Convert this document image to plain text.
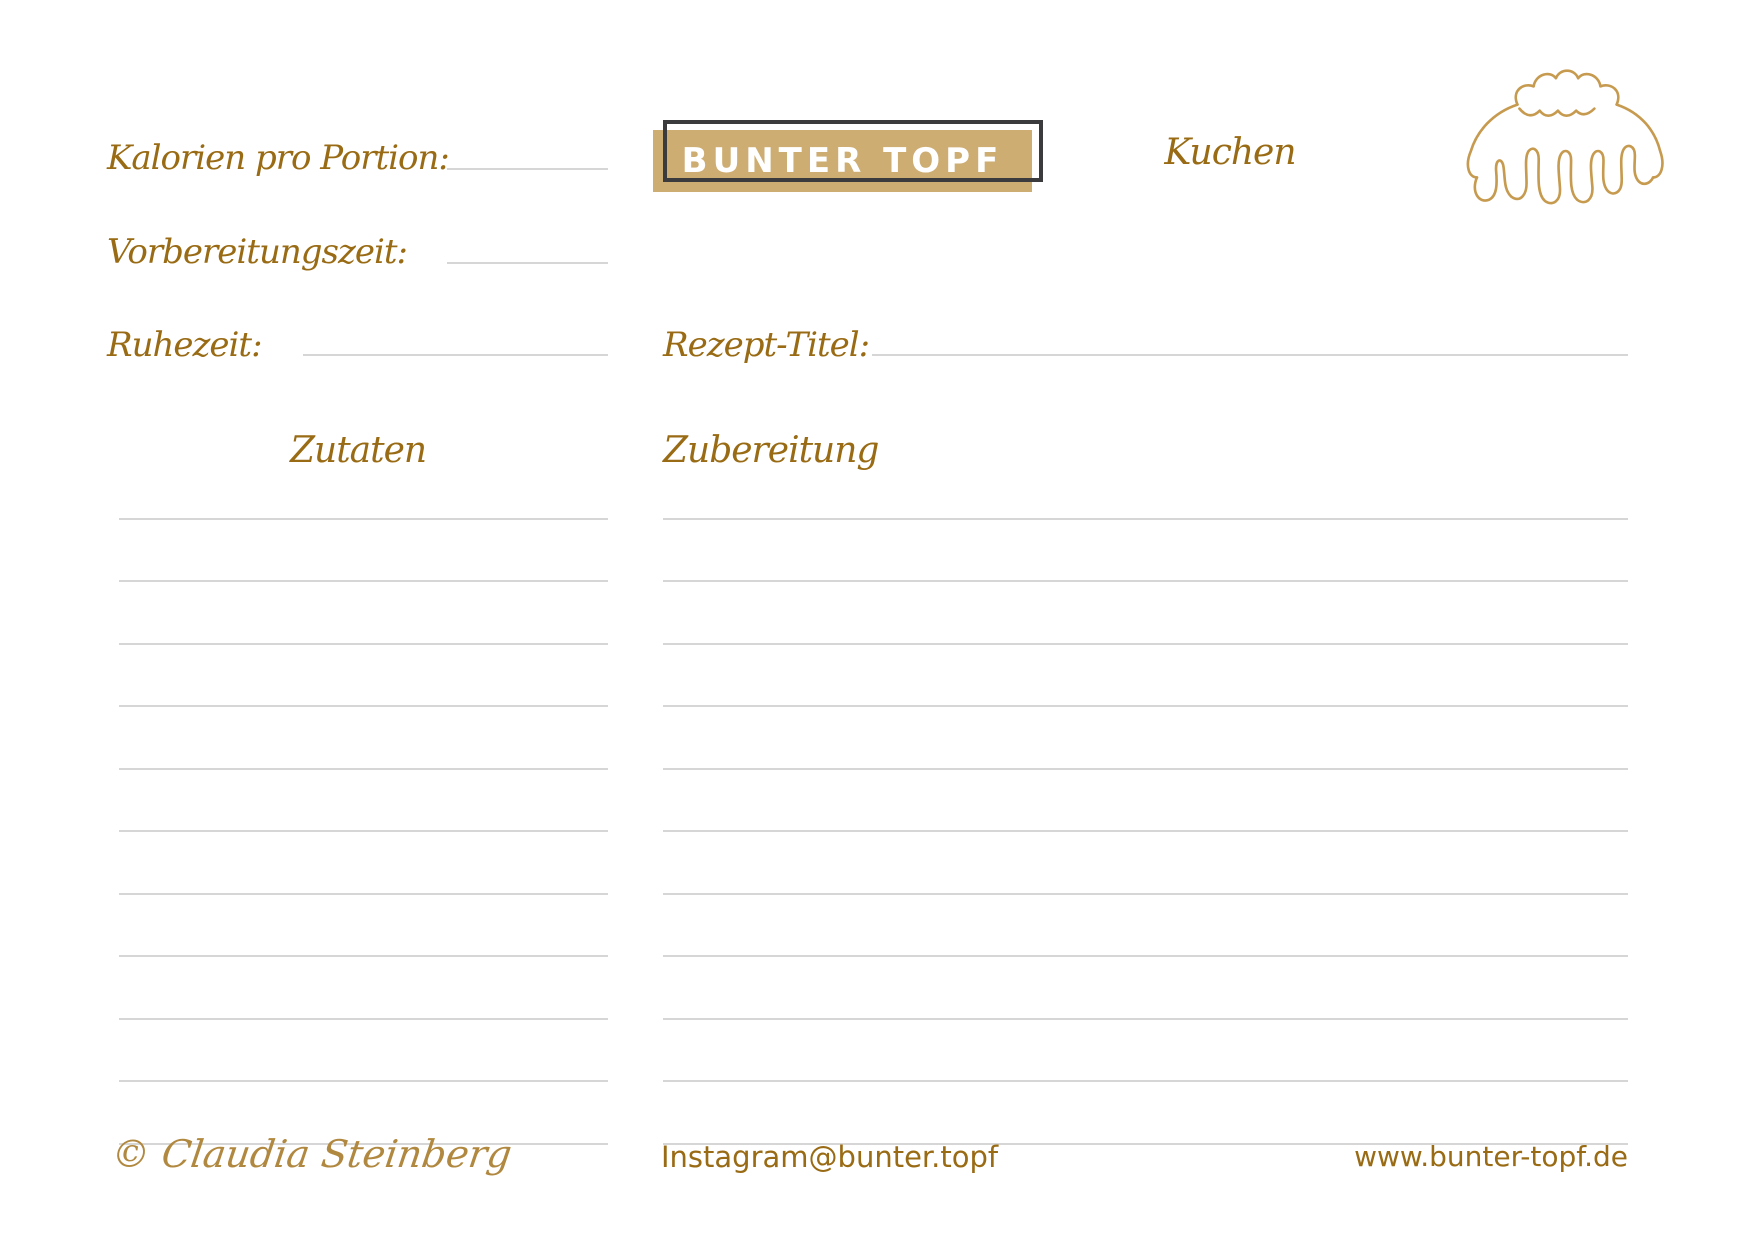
Kalorien pro Portion:
Vorbereitungszeit:
Ruhezeit:
BUNTER TOPF	Kuchen
Rezept-Titel:
Zutaten	Zubereitung
© Claudia Steinberg	Instagram@bunter.topf	www.bunter-topf.de
